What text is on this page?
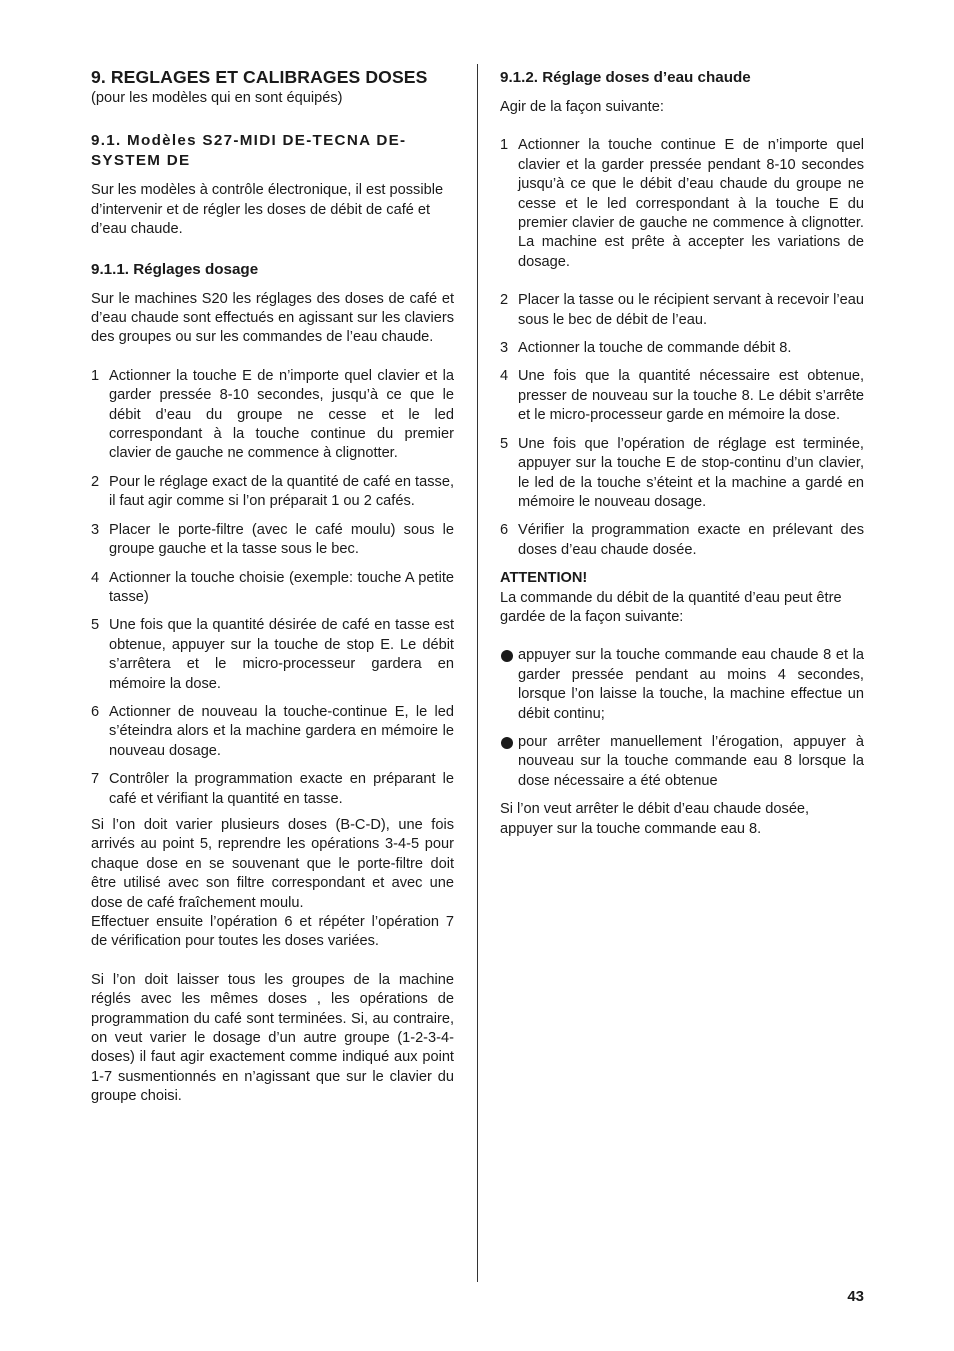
9. REGLAGES ET CALIBRAGES DOSES

(pour les modèles qui en sont équipés)

9.1. Modèles S27-MIDI DE-TECNA DE-SYSTEM DE

Sur les modèles à contrôle électronique, il est possible d’intervenir et de régler les doses de débit de café et d’eau chaude.

9.1.1. Réglages dosage

Sur le machines S20 les réglages des doses de café et d’eau chaude sont effectués en agissant sur les claviers des groupes ou sur les commandes de l’eau chaude.

1 Actionner la touche E de n’importe quel clavier et la garder pressée 8-10 secondes, jusqu’à ce que le débit d’eau du groupe ne cesse et le led correspondant à la touche continue du premier clavier de gauche ne commence à clignotter.
2 Pour le réglage exact de la quantité de café en tasse, il faut agir comme si l’on préparait 1 ou 2 cafés.
3 Placer le porte-filtre (avec le café moulu) sous le groupe gauche et la tasse sous le bec.
4 Actionner la touche choisie (exemple: touche A petite tasse)
5 Une fois que la quantité désirée de café en tasse est obtenue, appuyer sur la touche de stop E. Le débit s’arrêtera et le micro-processeur gardera en mémoire la dose.
6 Actionner de nouveau la touche-continue E, le led s’éteindra alors et la machine gardera en mémoire le nouveau dosage.
7 Contrôler la programmation exacte en préparant le café et vérifiant la quantité en tasse.

Si l’on doit varier plusieurs doses (B-C-D), une fois arrivés au point 5, reprendre les opérations 3-4-5 pour chaque dose en se souvenant que le porte-filtre doit être utilisé avec son filtre correspondant et avec une dose de café fraîchement moulu.

Effectuer ensuite l’opération 6 et répéter l’opération 7 de vérification pour toutes les doses variées.

Si l’on doit laisser tous les groupes de la machine réglés avec les mêmes doses , les opérations de programmation du café sont terminées. Si, au contraire, on veut varier le dosage d’un autre groupe (1-2-3-4- doses) il faut agir exactement comme indiqué aux point 1-7 susmentionnés en n’agissant que sur le clavier du groupe choisi.

9.1.2. Réglage doses d’eau chaude

Agir de la façon suivante:

1 Actionner la touche continue E de n’importe quel clavier et la garder pressée pendant 8-10 secondes jusqu’à ce que le débit d’eau chaude du groupe ne cesse et le led correspondant à la touche E du premier clavier de gauche ne commence à clignotter. La machine est prête à accepter les variations de dosage.
2 Placer la tasse ou le récipient servant à recevoir l’eau sous le bec de débit de l’eau.
3 Actionner la touche de commande débit 8.
4 Une fois que la quantité nécessaire est obtenue, presser de nouveau sur la touche 8. Le débit s’arrête et le micro-processeur garde en mémoire la dose.
5 Une fois que l’opération de réglage est terminée, appuyer sur la touche E de stop-continu d’un clavier, le led de la touche s’éteint et la machine a gardé en mémoire le nouveau dosage.
6 Vérifier la programmation exacte en prélevant des doses d’eau chaude dosée.
ATTENTION!

La commande du débit de la quantité d’eau peut être gardée de la façon suivante:

appuyer sur la touche commande eau chaude 8 et la garder pressée pendant au moins 4 secondes, lorsque l’on laisse la touche, la machine effectue un débit continu;
pour arrêter manuellement l’érogation, appuyer à nouveau sur la touche commande eau 8 lorsque la dose nécessaire a été obtenue

Si l’on veut arrêter le débit d’eau chaude dosée, appuyer sur la touche commande eau 8.

43
